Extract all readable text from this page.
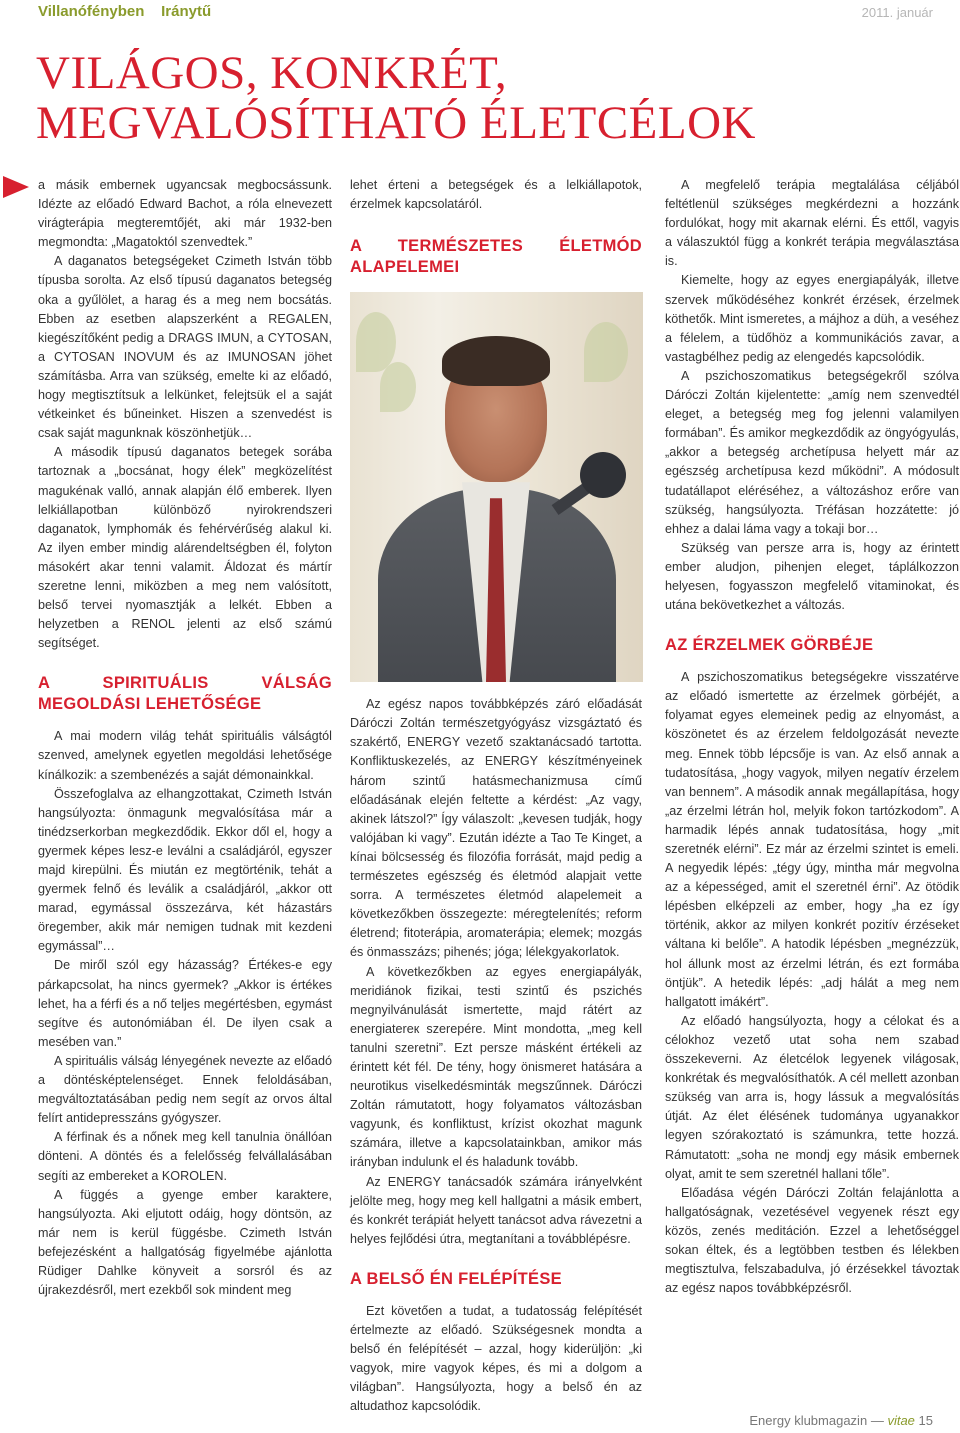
Villanófényben Iránytű	2011. január
VILÁGOS, KONKRÉT,
MEGVALÓSÍTHATÓ ÉLETCÉLOK

a másik embernek ugyancsak megbocsássunk. Idézte az előadó Edward Bachot, a róla elnevezett virágterápia megteremtőjét, aki már 1932-ben megmondta: „Magatoktól szenvedtek.”

A daganatos betegségeket Czimeth István több típusba sorolta. Az első típusú daganatos betegség oka a gyűlölet, a harag és a meg nem bocsátás. Ebben az esetben alapszerként a REGALEN, kiegészítőként pedig a DRAGS IMUN, a CYTOSAN, a CYTOSAN INOVUM és az IMUNOSAN jöhet számításba. Arra van szükség, emelte ki az előadó, hogy megtisztítsuk a lelkünket, felejtsük el a saját vétkeinket és bűneinket. Hiszen a szenvedést is csak saját magunknak köszönhetjük…

A második típusú daganatos betegek sorába tartoznak a „bocsánat, hogy élek” megközelítést magukénak valló, annak alapján élő emberek. Ilyen lelkiállapotban különböző nyirokrendszeri daganatok, lymphomák és fehérvérűség alakul ki. Az ilyen ember mindig alárendeltségben él, folyton másokért akar tenni valamit. Áldozat és mártír szeretne lenni, miközben a meg nem valósított, belső tervei nyomasztják a lelkét. Ebben a helyzetben a RENOL jelenti az első számú segítséget.

A SPIRITUÁLIS VÁLSÁG MEGOLDÁSI LEHETŐSÉGE

A mai modern világ tehát spirituális válságtól szenved, amelynek egyetlen megoldási lehetősége kínálkozik: a szembenézés a saját démonainkkal.

Összefoglalva az elhangzottakat, Czimeth István hangsúlyozta: önmagunk megvalósítása már a tinédzserkorban megkezdődik. Ekkor dől el, hogy a gyermek képes lesz-e leválni a családjáról, egyszer majd kirepülni. És miután ez megtörténik, tehát a gyermek felnő és leválik a családjáról, „akkor ott marad, egymással összezárva, két házastárs öregember, akik már nemigen tudnak mit kezdeni egymással”…

De miről szól egy házasság? Értékes-e egy párkapcsolat, ha nincs gyermek? „Akkor is értékes lehet, ha a férfi és a nő teljes megértésben, egymást segítve és autonómiában él. De ilyen csak a mesében van.”

A spirituális válság lényegének nevezte az előadó a döntésképtelenséget. Ennek feloldásában, megváltoztatásában pedig nem segít az orvos által felírt antidepresszáns gyógyszer.

A férfinak és a nőnek meg kell tanulnia önállóan dönteni. A döntés és a felelősség felvállalásában segíti az embereket a KOROLEN.

A függés a gyenge ember karaktere, hangsúlyozta. Aki eljutott odáig, hogy döntsön, az már nem is kerül függésbe. Czimeth István befejezésként a hallgatóság figyelmébe ajánlotta Rüdiger Dahlke könyveit a sorsról és az újrakezdésről, mert ezekből sok mindent meg

lehet érteni a betegségek és a lelkiállapotok, érzelmek kapcsolatáról.

A TERMÉSZETES ÉLETMÓD ALAPELEMEI

Az egész napos továbbképzés záró előadását Dáróczi Zoltán természetgyógyász vizsgáztató és szakértő, ENERGY vezető szaktanácsadó tartotta. Konfliktuskezelés, az ENERGY készítményeinek három szintű hatásmechanizmusa című előadásának elején feltette a kérdést: „Az vagy, akinek látszol?” Így válaszolt: „kevesen tudják, hogy valójában ki vagy”. Ezután idézte a Tao Te Kinget, a kínai bölcsesség és filozófia forrását, majd pedig a természetes egészség és életmód alapjait vette sorra. A természetes életmód alapelemeit a következőkben összegezte: méregtelenítés; reform életrend; fitoterápia, aromaterápia; elemek; mozgás és önmasszázs; pihenés; jóga; lélekgyakorlatok.

A következőkben az egyes energiapályák, meridiánok fizikai, testi szintű és pszichés megnyilvánulását ismertette, majd rátért az energiatereк szerepére. Mint mondotta, „meg kell tanulni szeretni”. Ezt persze másként értékeli az érintett két fél. De tény, hogy önismeret hatására a neurotikus viselkedésminták megszűnnek. Dáróczi Zoltán rámutatott, hogy folyamatos változásban vagyunk, és konfliktust, krízist okozhat magunk számára, illetve a kapcsolatainkban, amikor más irányban indulunk el és haladunk tovább.

Az ENERGY tanácsadók számára irányelvként jelölte meg, hogy meg kell hallgatni a másik embert, és konkrét terápiát helyett tanácsot adva rávezetni a helyes fejlődési útra, megtanítani a továbblépésre.

A BELSŐ ÉN FELÉPÍTÉSE

Ezt követően a tudat, a tudatosság felépítését értelmezte az előadó. Szükségesnek mondta a belső én felépítését – azzal, hogy kiderüljön: „ki vagyok, mire vagyok képes, és mi a dolgom a világban”. Hangsúlyozta, hogy a belső én az altudathoz kapcsolódik.

A megfelelő terápia megtalálása céljából feltétlenül szükséges megkérdezni a hozzánk fordulókat, hogy mit akarnak elérni. És ettől, vagyis a válaszuktól függ a konkrét terápia megválasztása is.

Kiemelte, hogy az egyes energiapályák, illetve szervek működéséhez konkrét érzések, érzelmek köthetők. Mint ismeretes, a májhoz a düh, a veséhez a félelem, a tüdőhöz a kommunikációs zavar, a vastagbélhez pedig az elengedés kapcsolódik.

A pszichoszomatikus betegségekről szólva Dáróczi Zoltán kijelentette: „amíg nem szenvedtél eleget, a betegség meg fog jelenni valamilyen formában”. És amikor megkezdődik az öngyógyulás, „akkor a betegség archetípusa helyett már az egészség archetípusa kezd működni”. A módosult tudatállapot eléréséhez, a változáshoz erőre van szükség, hangsúlyozta. Tréfásan hozzátette: jó ehhez a dalai láma vagy a tokaji bor…

Szükség van persze arra is, hogy az érintett ember aludjon, pihenjen eleget, táplálkozzon helyesen, fogyasszon megfelelő vitaminokat, és utána bekövetkezhet a változás.

AZ ÉRZELMEK GÖRBÉJE

A pszichoszomatikus betegségekre visszatérve az előadó ismertette az érzelmek görbéjét, a folyamat egyes elemeinek pedig az elnyomást, a köszönetet és az érzelem feldolgozását nevezte meg. Ennek több lépcsője is van. Az első annak a tudatosítása, „hogy vagyok, milyen negatív érzelem van bennem”. A második annak megállapítása, hogy „az érzelmi létrán hol, melyik fokon tartózkodom”. A harmadik lépés annak tudatosítása, hogy „mit szeretnék elérni”. Ez már az érzelmi szintet is emeli. A negyedik lépés: „tégy úgy, mintha már megvolna az a képességed, amit el szeretnél érni”. Az ötödik lépésben elképzeli az ember, hogy „ha ez így történik, akkor az milyen konkrét pozitív érzéseket váltana ki belőle”. A hatodik lépésben „megnézzük, hol állunk most az érzelmi létrán, és ezt formába öntjük”. A hetedik lépés: „adj hálát a meg nem hallgatott imákért”.

Az előadó hangsúlyozta, hogy a célokat és a célokhoz vezető utat soha nem szabad összekeverni. Az életcélok legyenek világosak, konkrétak és megvalósíthatók. A cél mellett azonban szükség van arra is, hogy lássuk a megvalósítás útját. Az élet élésének tudománya ugyanakkor legyen szórakoztató is számunkra, tette hozzá. Rámutatott: „soha ne mondj egy másik embernek olyat, amit te sem szeretnél hallani tőle”.

Előadása végén Dáróczi Zoltán felajánlotta a hallgatóságnak, vezetésével vegyenek részt egy közös, zenés meditáción. Ezzel a lehetőséggel sokan éltek, és a legtöbben testben és lélekben megtisztulva, felszabadulva, jó érzésekkel távoztak az egész napos továbbképzésről.

Energy klubmagazin — vitae 15
